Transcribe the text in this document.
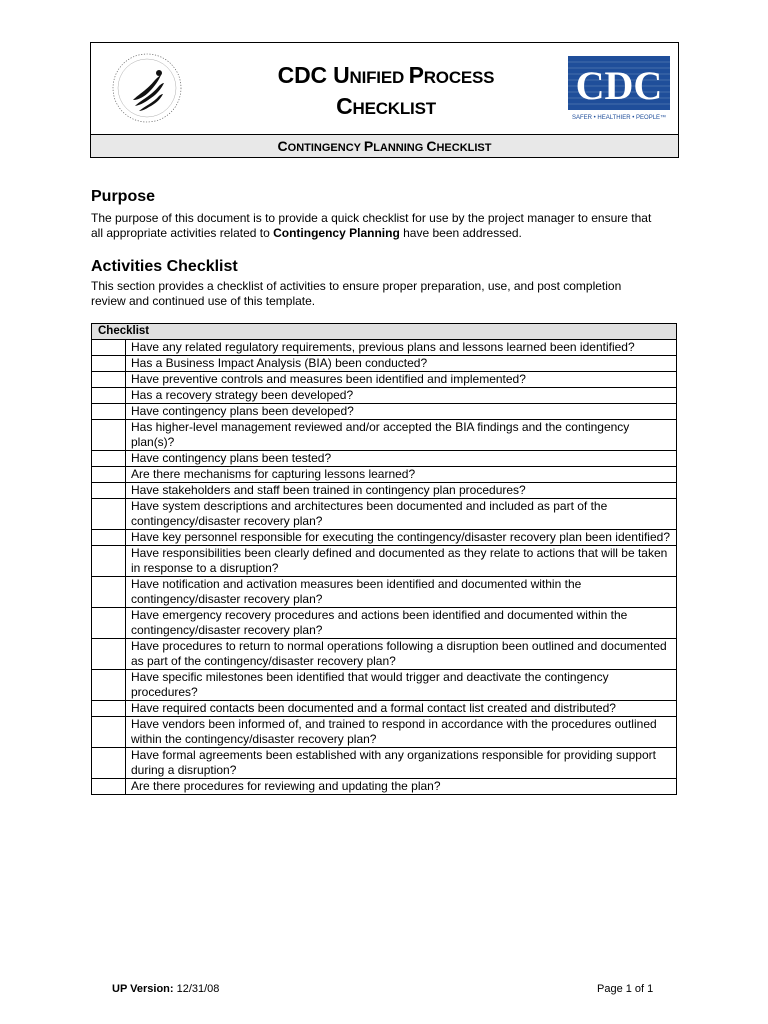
CDC UNIFIED PROCESS
CHECKLIST
CDC
SAFER • HEALTHIER • PEOPLE™
CONTINGENCY PLANNING CHECKLIST
Purpose
The purpose of this document is to provide a quick checklist for use by the project manager to ensure that
all appropriate activities related to Contingency Planning have been addressed.
Activities Checklist
This section provides a checklist of activities to ensure proper preparation, use, and post completion
review and continued use of this template.
Checklist	
	Have any related regulatory requirements, previous plans and lessons learned been identified?
	Has a Business Impact Analysis (BIA) been conducted?
	Have preventive controls and measures been identified and implemented?
	Has a recovery strategy been developed?
	Have contingency plans been developed?
	Has higher-level management reviewed and/or accepted the BIA findings and the contingency plan(s)?
	Have contingency plans been tested?
	Are there mechanisms for capturing lessons learned?
	Have stakeholders and staff been trained in contingency plan procedures?
	Have system descriptions and architectures been documented and included as part of the contingency/disaster recovery plan?
	Have key personnel responsible for executing the contingency/disaster recovery plan been identified?
	Have responsibilities been clearly defined and documented as they relate to actions that will be taken in response to a disruption?
	Have notification and activation measures been identified and documented within the contingency/disaster recovery plan?
	Have emergency recovery procedures and actions been identified and documented within the contingency/disaster recovery plan?
	Have procedures to return to normal operations following a disruption been outlined and documented as part of the contingency/disaster recovery plan?
	Have specific milestones been identified that would trigger and deactivate the contingency procedures?
	Have required contacts been documented and a formal contact list created and distributed?
	Have vendors been informed of, and trained to respond in accordance with the procedures outlined within the contingency/disaster recovery plan?
	Have formal agreements been established with any organizations responsible for providing support during a disruption?
	Are there procedures for reviewing and updating the plan?
UP Version: 12/31/08	Page 1 of 1
